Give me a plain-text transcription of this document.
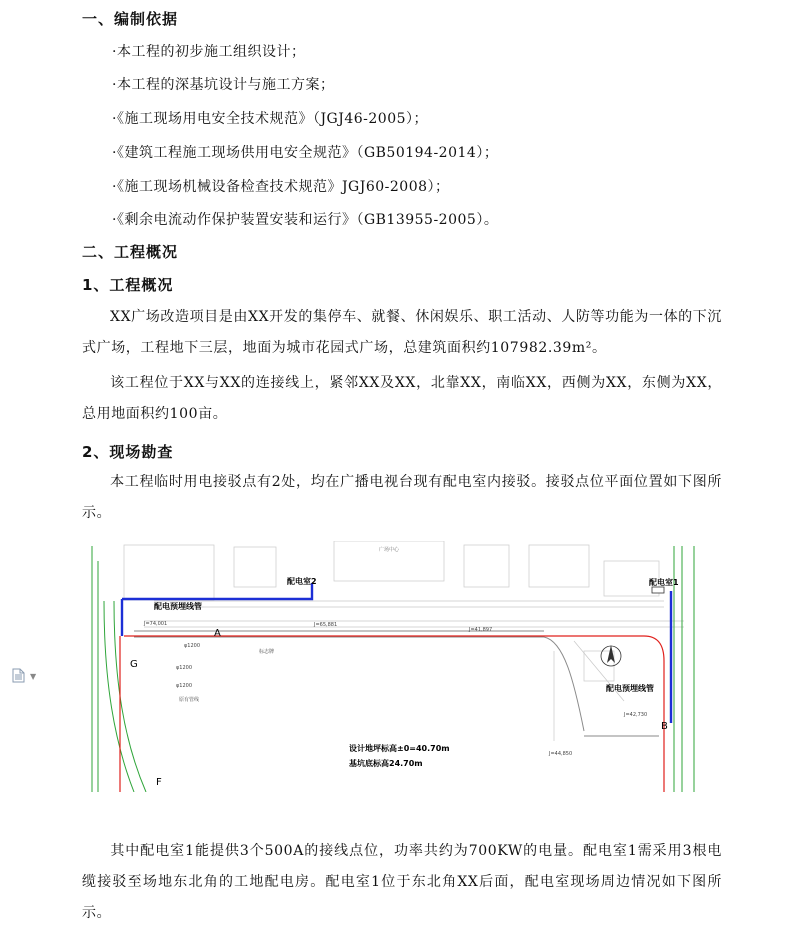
一、编制依据
·本工程的初步施工组织设计；
·本工程的深基坑设计与施工方案；
·《施工现场用电安全技术规范》（JGJ46-2005）；
·《建筑工程施工现场供用电安全规范》（GB50194-2014）；
·《施工现场机械设备检查技术规范》JGJ60-2008）；
·《剩余电流动作保护装置安装和运行》（GB13955-2005）。
二、工程概况
1、工程概况
XX广场改造项目是由XX开发的集停车、就餐、休闲娱乐、职工活动、人防等功能为一体的下沉式广场，工程地下三层，地面为城市花园式广场，总建筑面积约107982.39m²。
该工程位于XX与XX的连接线上，紧邻XX及XX，北靠XX，南临XX，西侧为XX，东侧为XX，总用地面积约100亩。
2、现场勘查
本工程临时用电接驳点有2处，均在广播电视台现有配电室内接驳。接驳点位平面位置如下图所示。
▼
J=74,001
φ1200
标志牌
J=65,881
J=41,897
J=44,850
J=42,730
φ1200
φ1200
原有管线
配电室2	配电室1
配电预埋线管
配电预埋线管
设计地坪标高±0=40.70m
基坑底标高24.70m
A
B
G
F
广场中心
其中配电室1能提供3个500A的接线点位，功率共约为700KW的电量。配电室1需采用3根电缆接驳至场地东北角的工地配电房。配电室1位于东北角XX后面，配电室现场周边情况如下图所示。
